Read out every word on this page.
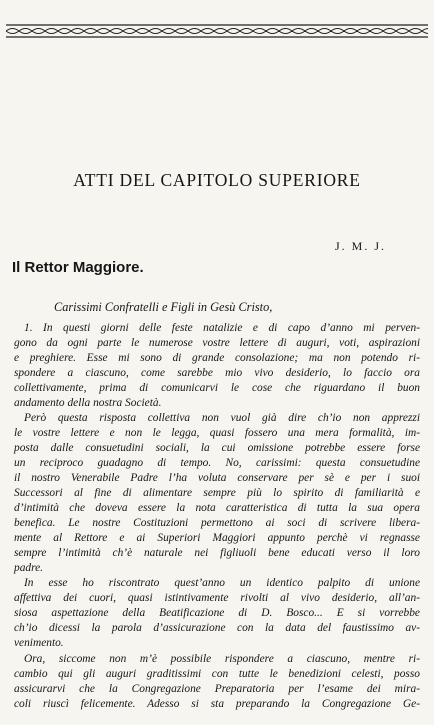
ATTI DEL CAPITOLO SUPERIORE
J. M. J.
Il Rettor Maggiore.
Carissimi Confratelli e Figli in Gesù Cristo,

1. In questi giorni delle feste natalizie e di capo d’anno mi perven-
gono da ogni parte le numerose vostre lettere di auguri, voti, aspirazioni
e preghiere. Esse mi sono di grande consolazione; ma non potendo ri-
spondere a ciascuno, come sarebbe mio vivo desiderio, lo faccio ora
collettivamente, prima di comunicarvi le cose che riguardano il buon
andamento della nostra Società.

Però questa risposta collettiva non vuol già dire ch’io non apprezzi
le vostre lettere e non le legga, quasi fossero una mera formalità, im-
posta dalle consuetudini sociali, la cui omissione potrebbe essere forse
un reciproco guadagno di tempo. No, carissimi: questa consuetudine
il nostro Venerabile Padre l’ha voluta conservare per sè e per i suoi
Successori al fine di alimentare sempre più lo spirito di familiarità e
d’intimità che doveva essere la nota caratteristica di tutta la sua opera
benefica. Le nostre Costituzioni permettono ai soci di scrivere libera-
mente al Rettore e ai Superiori Maggiori appunto perchè vi regnasse
sempre l’intimità ch’è naturale nei figliuoli bene educati verso il loro
padre.

In esse ho riscontrato quest’anno un identico palpito di unione
affettiva dei cuori, quasi istintivamente rivolti al vivo desiderio, all’an-
siosa aspettazione della Beatificazione di D. Bosco... E si vorrebbe
ch’io dicessi la parola d’assicurazione con la data del faustissimo av-
venimento.

Ora, siccome non m’è possibile rispondere a ciascuno, mentre ri-
cambio qui gli auguri graditissimi con tutte le benedizioni celesti, posso
assicurarvi che la Congregazione Preparatoria per l’esame dei mira-
coli riuscì felicemente. Adesso si sta preparando la Congregazione Ge-
